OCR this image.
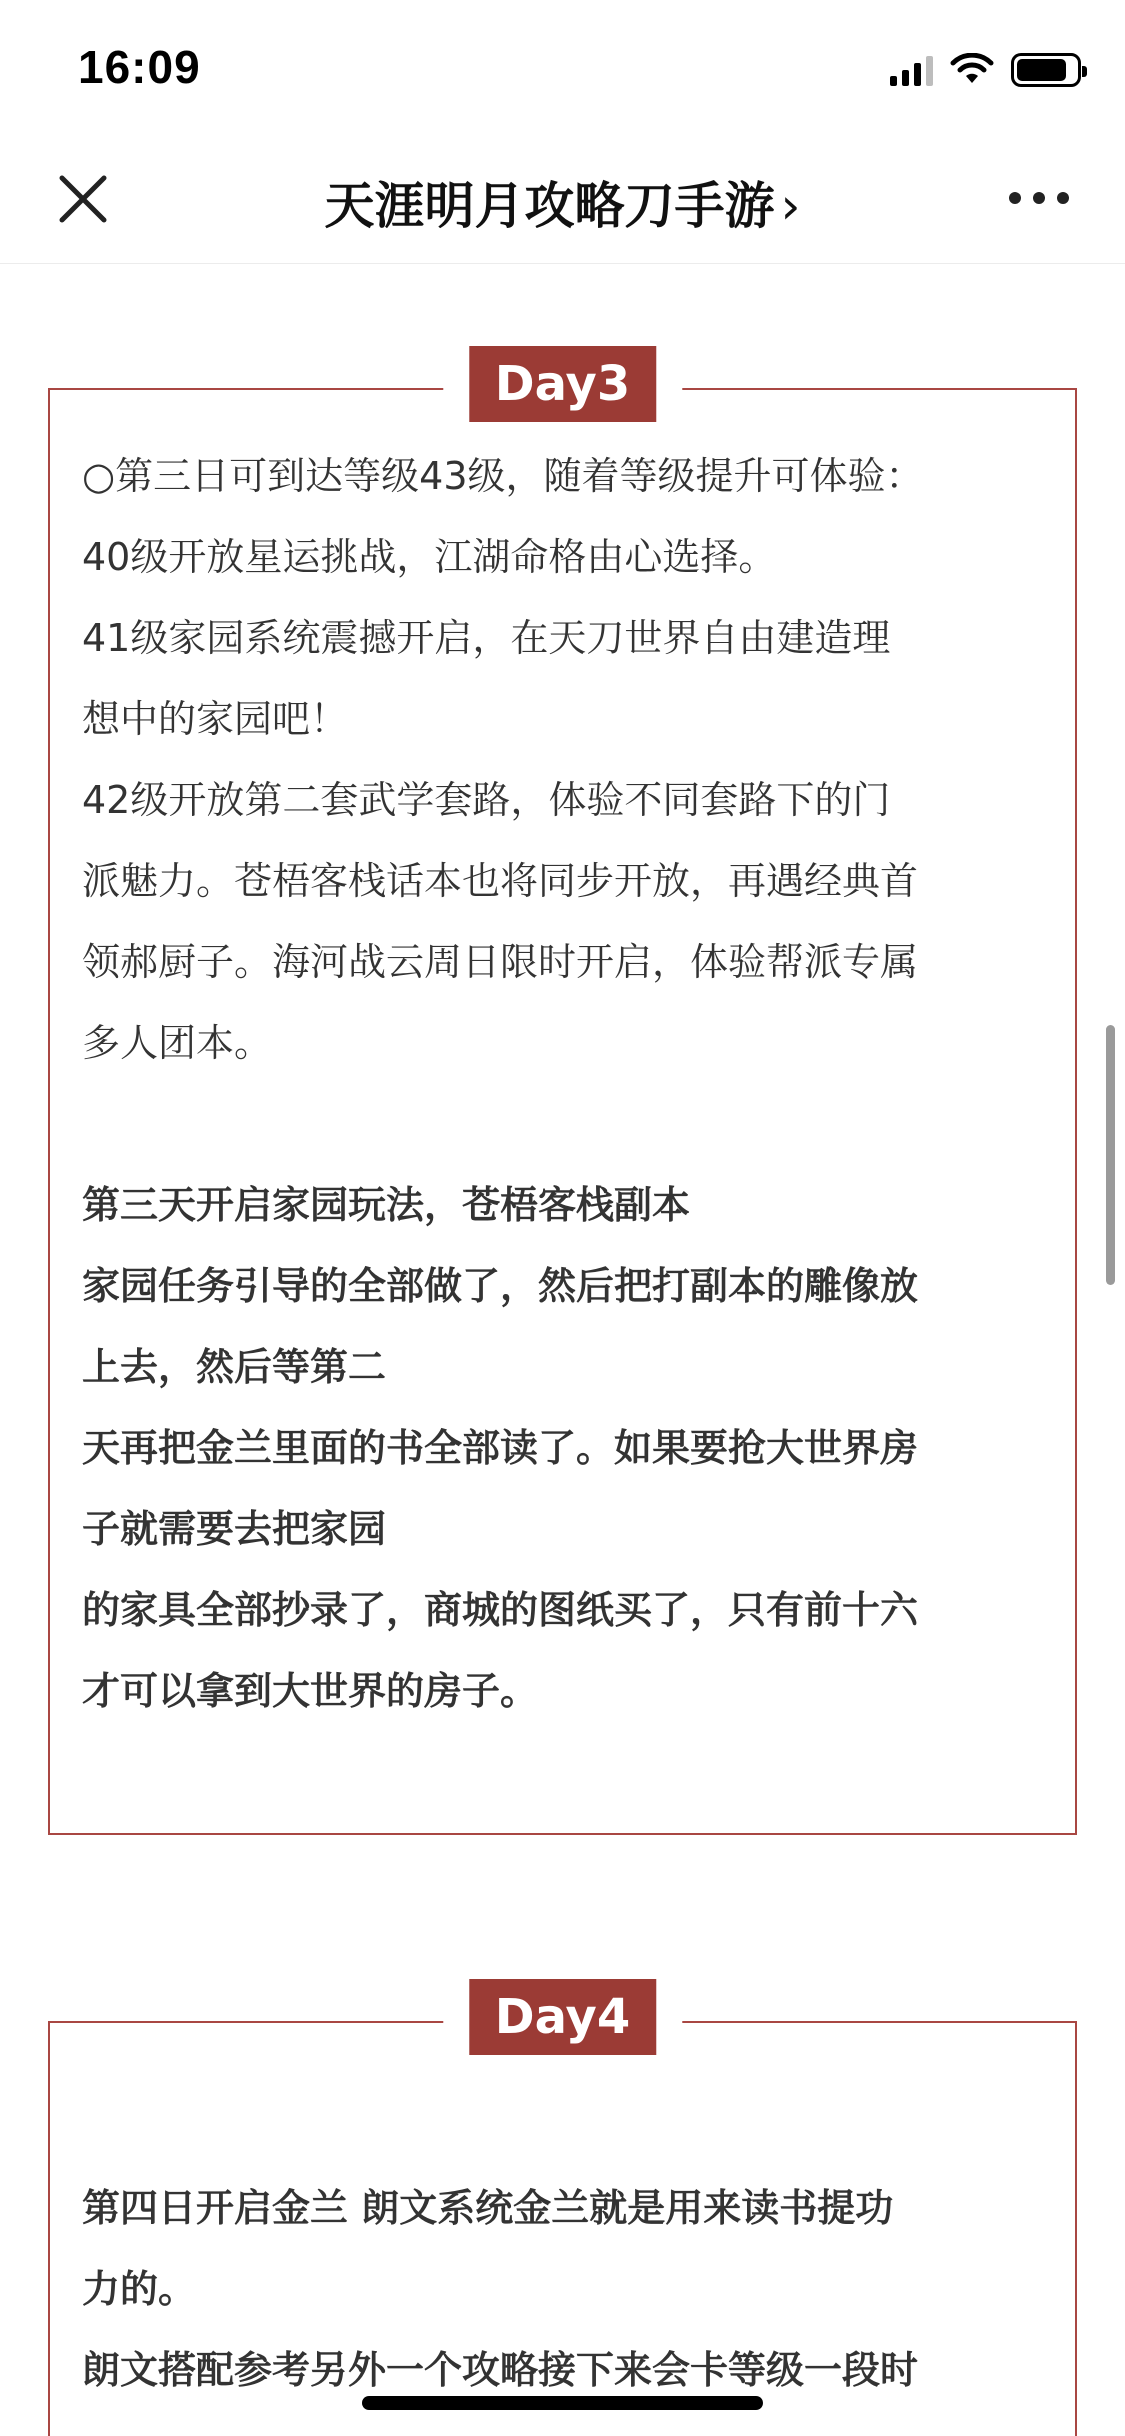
16:09
天涯明月攻略刀手游 ›
Day3

○第三日可到达等级43级，随着等级提升可体验：

40级开放星运挑战，江湖命格由心选择。

41级家园系统震撼开启，在天刀世界自由建造理

想中的家园吧！

42级开放第二套武学套路，体验不同套路下的门

派魅力。苍梧客栈话本也将同步开放，再遇经典首

领郝厨子。海河战云周日限时开启，体验帮派专属

多人团本。

第三天开启家园玩法，苍梧客栈副本

家园任务引导的全部做了，然后把打副本的雕像放

上去，然后等第二

天再把金兰里面的书全部读了。如果要抢大世界房

子就需要去把家园

的家具全部抄录了，商城的图纸买了，只有前十六

才可以拿到大世界的房子。

Day4

第四日开启金兰 朗文系统金兰就是用来读书提功

力的。

朗文搭配参考另外一个攻略接下来会卡等级一段时
